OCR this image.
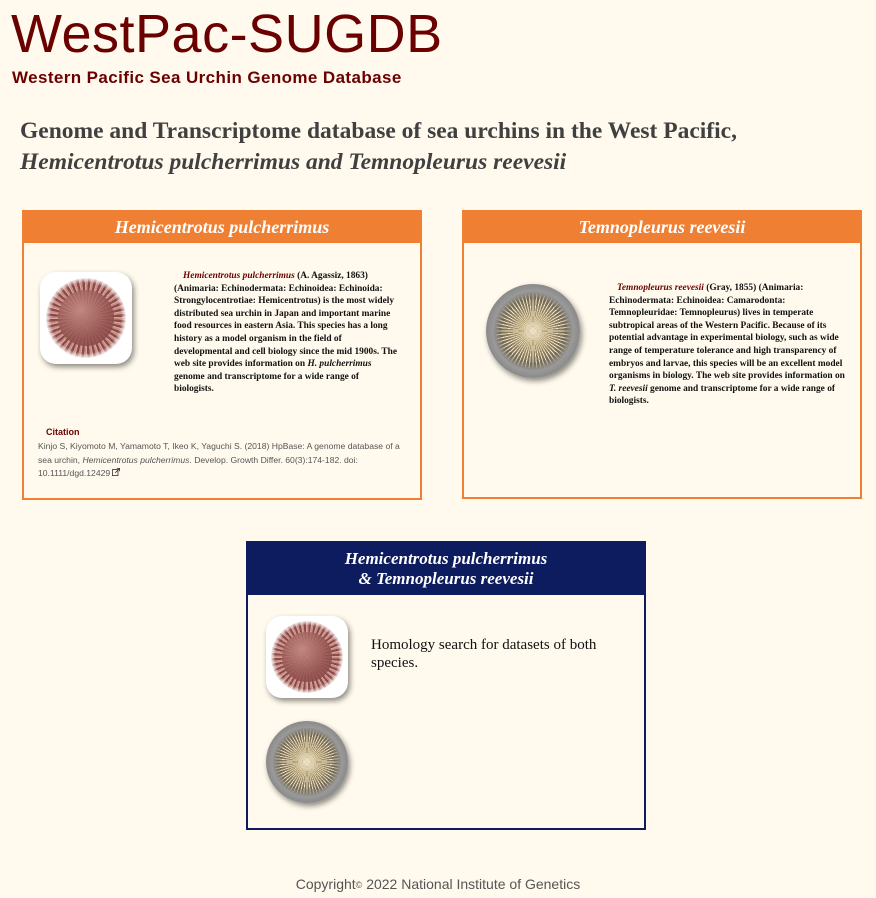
WestPac-SUGDB
Western Pacific Sea Urchin Genome Database
Genome and Transcriptome database of sea urchins in the West Pacific,
Hemicentrotus pulcherrimus and Temnopleurus reevesii
Hemicentrotus pulcherrimus
Hemicentrotus pulcherrimus (A. Agassiz, 1863) (Animaria: Echinodermata: Echinoidea: Echinoida: Strongylocentrotiae: Hemicentrotus) is the most widely distributed sea urchin in Japan and important marine food resources in eastern Asia. This species has a long history as a model organism in the field of developmental and cell biology since the mid 1900s. The web site provides information on H. pulcherrimus genome and transcriptome for a wide range of biologists.
Citation
Kinjo S, Kiyomoto M, Yamamoto T, Ikeo K, Yaguchi S. (2018) HpBase: A genome database of a sea urchin, Hemicentrotus pulcherrimus. Develop. Growth Differ. 60(3):174-182. doi: 10.1111/dgd.12429
Temnopleurus reevesii
Temnopleurus reevesii (Gray, 1855) (Animaria: Echinodermata: Echinoidea: Camarodonta: Temnopleuridae: Temnopleurus) lives in temperate subtropical areas of the Western Pacific. Because of its potential advantage in experimental biology, such as wide range of temperature tolerance and high transparency of embryos and larvae, this species will be an excellent model organisms in biology. The web site provides information on T. reevesii genome and transcriptome for a wide range of biologists.
Hemicentrotus pulcherrimus
& Temnopleurus reevesii
Homology search for datasets of both species.
Copyright© 2022 National Institute of Genetics
